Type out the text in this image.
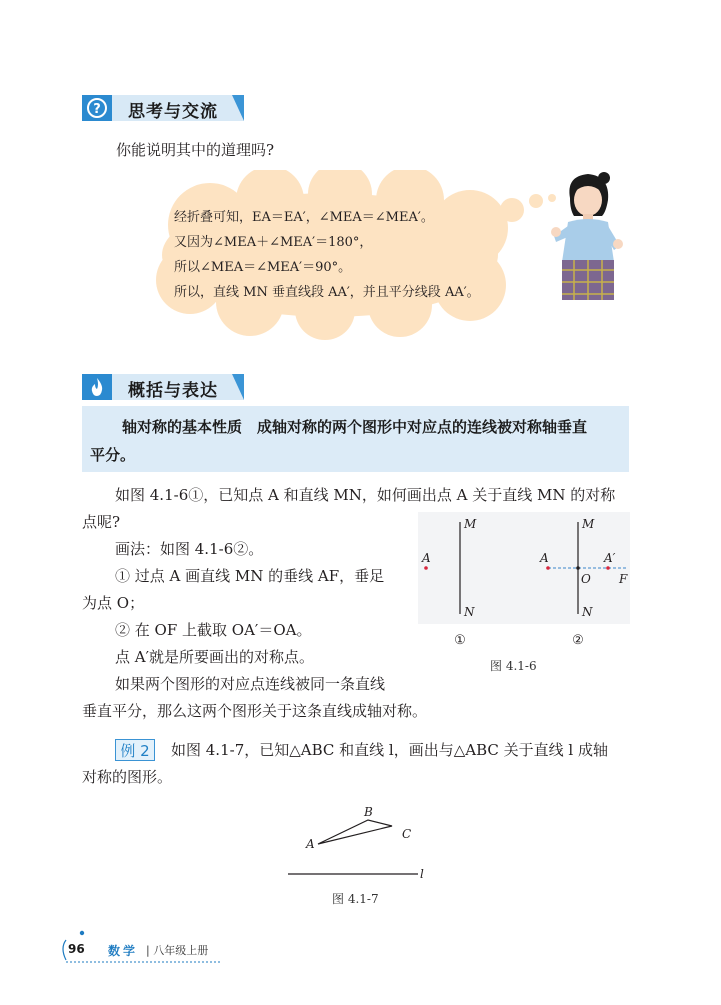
? 思考与交流
你能说明其中的道理吗?
经折叠可知，EA＝EA′，∠MEA＝∠MEA′。
又因为∠MEA＋∠MEA′＝180°，
所以∠MEA＝∠MEA′＝90°。
所以，直线 MN 垂直线段 AA′，并且平分线段 AA′。
概括与表达
轴对称的基本性质　成轴对称的两个图形中对应点的连线被对称轴垂直
平分。
如图 4.1-6①，已知点 A 和直线 MN，如何画出点 A 关于直线 MN 的对称
点呢?
画法：如图 4.1-6②。
① 过点 A 画直线 MN 的垂线 AF，垂足
为点 O；
② 在 OF 上截取 OA′＝OA。
点 A′就是所要画出的对称点。
如果两个图形的对应点连线被同一条直线
垂直平分，那么这两个图形关于这条直线成轴对称。
M
N
A
①
M
N
A	A′
O F
②
图 4.1-6
例 2	如图 4.1-7，已知△ABC 和直线 l，画出与△ABC 关于直线 l 成轴
对称的图形。
A
B
C
l
图 4.1-7
96 数学 | 八年级上册
